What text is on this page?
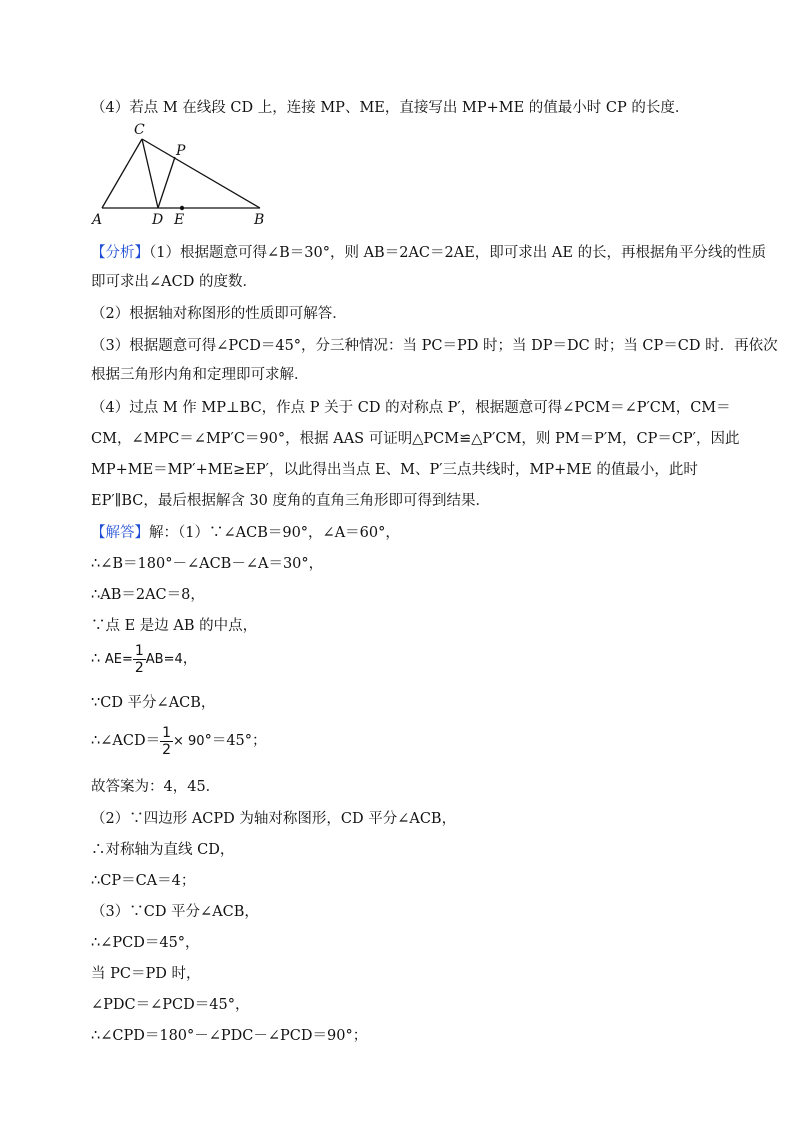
（4）若点 M 在线段 CD 上，连接 MP、ME，直接写出 MP+ME 的值最小时 CP 的长度．
C
P
A	D E	B
【分析】（1）根据题意可得∠B＝30°，则 AB＝2AC＝2AE，即可求出 AE 的长，再根据角平分线的性质
即可求出∠ACD 的度数．
（2）根据轴对称图形的性质即可解答．
（3）根据题意可得∠PCD＝45°，分三种情况：当 PC＝PD 时；当 DP＝DC 时；当 CP＝CD 时．再依次
根据三角形内角和定理即可求解．
（4）过点 M 作 MP⊥BC，作点 P 关于 CD 的对称点 P′，根据题意可得∠PCM＝∠P′CM，CM＝
CM，∠MPC＝∠MP′C＝90°，根据 AAS 可证明△PCM≌△P′CM，则 PM＝P′M，CP＝CP′，因此
MP+ME＝MP′+ME≥EP′，以此得出当点 E、M、P′三点共线时，MP+ME 的值最小，此时
EP′∥BC，最后根据解含 30 度角的直角三角形即可得到结果．
【解答】解：（1）∵∠ACB＝90°，∠A＝60°，
∴∠B＝180°－∠ACB－∠A＝30°，
∴AB＝2AC＝8，
∵点 E 是边 AB 的中点，
∴ $AE= \frac{1}{2} AB=4$，
∵CD 平分∠ACB，
∴∠ACD＝ $\frac{1}{2} \times 90^\circ=45^\circ$；
故答案为：4，45．
（2）∵四边形 ACPD 为轴对称图形，CD 平分∠ACB，
∴对称轴为直线 CD，
∴CP＝CA＝4；
（3）∵CD 平分∠ACB，
∴∠PCD＝45°，
当 PC＝PD 时，
∠PDC＝∠PCD＝45°，
∴∠CPD＝180°－∠PDC－∠PCD＝90°；
